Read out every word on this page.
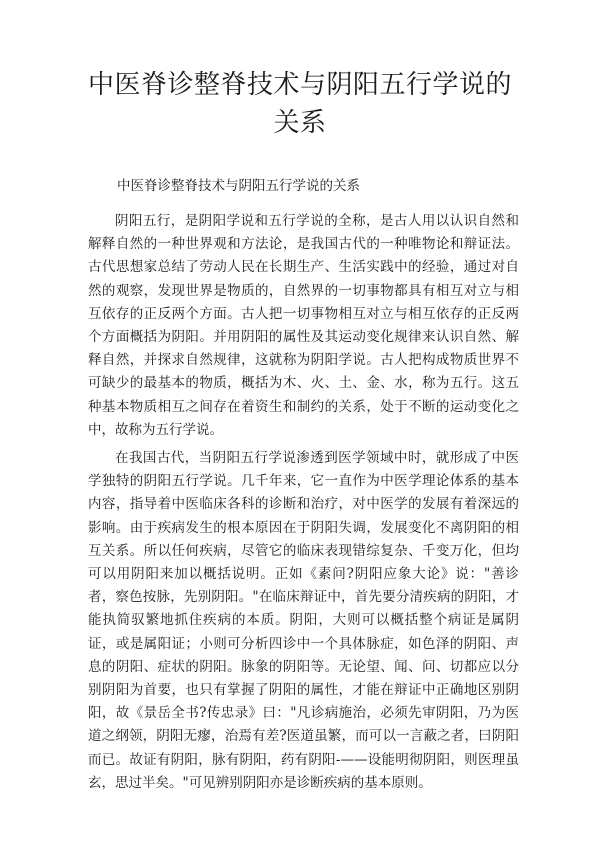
中医脊诊整脊技术与阴阳五行学说的关系

中医脊诊整脊技术与阴阳五行学说的关系

阴阳五行，是阴阳学说和五行学说的全称，是古人用以认识自然和解释自然的一种世界观和方法论，是我国古代的一种唯物论和辩证法。古代思想家总结了劳动人民在长期生产、生活实践中的经验，通过对自然的观察，发现世界是物质的，自然界的一切事物都具有相互对立与相互依存的正反两个方面。古人把一切事物相互对立与相互依存的正反两个方面概括为阴阳。并用阴阳的属性及其运动变化规律来认识自然、解释自然，并探求自然规律，这就称为阴阳学说。古人把构成物质世界不可缺少的最基本的物质，概括为木、火、土、金、水，称为五行。这五种基本物质相互之间存在着资生和制约的关系，处于不断的运动变化之中，故称为五行学说。

在我国古代，当阴阳五行学说渗透到医学领域中时，就形成了中医学独特的阴阳五行学说。几千年来，它一直作为中医学理论体系的基本内容，指导着中医临床各科的诊断和治疗，对中医学的发展有着深远的影响。由于疾病发生的根本原因在于阴阳失调，发展变化不离阴阳的相互关系。所以任何疾病，尽管它的临床表现错综复杂、千变万化，但均可以用阴阳来加以概括说明。正如《素问?阴阳应象大论》说："善诊者，察色按脉，先别阴阳。"在临床辩证中，首先要分清疾病的阴阳，才能执简驭繁地抓住疾病的本质。阴阳，大则可以概括整个病证是属阴证，或是属阳证；小则可分析四诊中一个具体脉症，如色泽的阴阳、声息的阴阳、症状的阴阳。脉象的阴阳等。无论望、闻、问、切都应以分别阴阳为首要，也只有掌握了阴阳的属性，才能在辩证中正确地区别阴阳，故《景岳全书?传忠录》曰："凡诊病施治，必须先审阴阳，乃为医道之纲领，阴阳无瘳，治焉有差?医道虽繁，而可以一言蔽之者，曰阴阳而已。故证有阴阳，脉有阴阳，药有阴阳-——设能明彻阴阳，则医理虽玄，思过半矣。"可见辨别阴阳亦是诊断疾病的基本原则。
